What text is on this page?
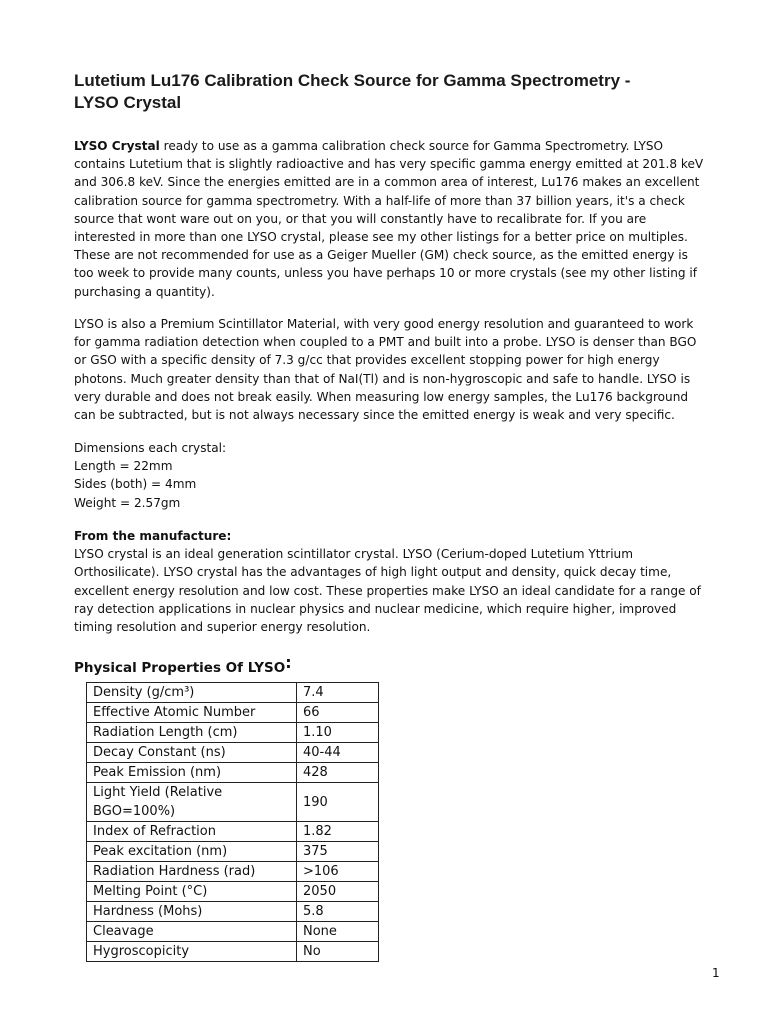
Lutetium Lu176 Calibration Check Source for Gamma Spectrometry -
LYSO Crystal
LYSO Crystal ready to use as a gamma calibration check source for Gamma Spectrometry. LYSO
contains Lutetium that is slightly radioactive and has very specific gamma energy emitted at 201.8 keV
and 306.8 keV. Since the energies emitted are in a common area of interest, Lu176 makes an excellent
calibration source for gamma spectrometry. With a half-life of more than 37 billion years, it's a check
source that wont ware out on you, or that you will constantly have to recalibrate for. If you are
interested in more than one LYSO crystal, please see my other listings for a better price on multiples.
These are not recommended for use as a Geiger Mueller (GM) check source, as the emitted energy is
too week to provide many counts, unless you have perhaps 10 or more crystals (see my other listing if
purchasing a quantity).
LYSO is also a Premium Scintillator Material, with very good energy resolution and guaranteed to work
for gamma radiation detection when coupled to a PMT and built into a probe. LYSO is denser than BGO
or GSO with a specific density of 7.3 g/cc that provides excellent stopping power for high energy
photons. Much greater density than that of NaI(Tl) and is non-hygroscopic and safe to handle. LYSO is
very durable and does not break easily. When measuring low energy samples, the Lu176 background
can be subtracted, but is not always necessary since the emitted energy is weak and very specific.
Dimensions each crystal:
Length = 22mm
Sides (both) = 4mm
Weight = 2.57gm
From the manufacture:
LYSO crystal is an ideal generation scintillator crystal. LYSO (Cerium-doped Lutetium Yttrium
Orthosilicate). LYSO crystal has the advantages of high light output and density, quick decay time,
excellent energy resolution and low cost. These properties make LYSO an ideal candidate for a range of
ray detection applications in nuclear physics and nuclear medicine, which require higher, improved
timing resolution and superior energy resolution.
Physical Properties Of LYSO:
Density (g/cm³)	7.4
Effective Atomic Number	66
Radiation Length (cm)	1.10
Decay Constant (ns)	40-44
Peak Emission (nm)	428
Light Yield (Relative BGO=100%)	190
Index of Refraction	1.82
Peak excitation (nm)	375
Radiation Hardness (rad)	>106
Melting Point (°C)	2050
Hardness (Mohs)	5.8
Cleavage	None
Hygroscopicity	No
1
